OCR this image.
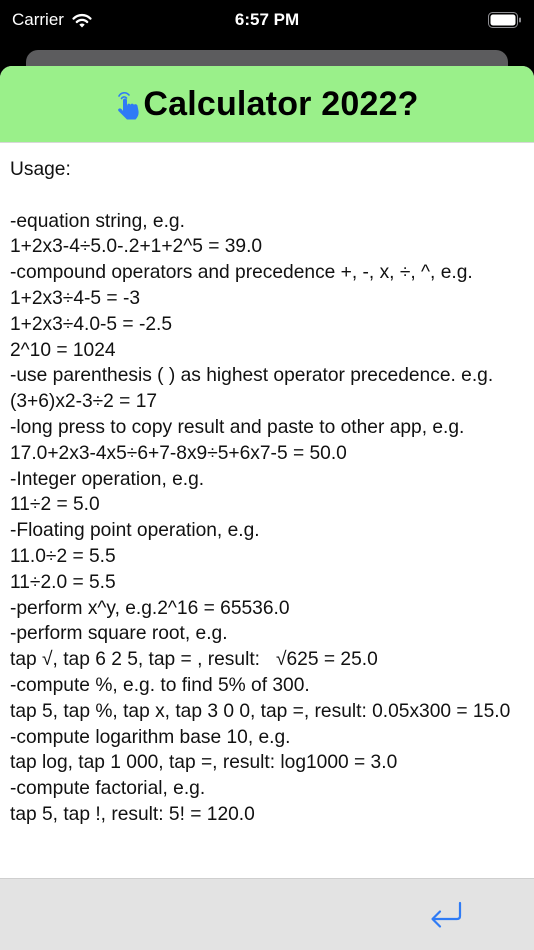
Carrier	6:57 PM
Calculator 2022?

Usage:

-equation string, e.g.
1+2x3-4÷5.0-.2+1+2^5 = 39.0
-compound operators and precedence +, -, x, ÷, ^, e.g.
1+2x3÷4-5 = -3
1+2x3÷4.0-5 = -2.5
2^10 = 1024
-use parenthesis ( ) as highest operator precedence. e.g.
(3+6)x2-3÷2 = 17
-long press to copy result and paste to other app, e.g.
17.0+2x3-4x5÷6+7-8x9÷5+6x7-5 = 50.0
-Integer operation, e.g.
11÷2 = 5.0
-Floating point operation, e.g.
11.0÷2 = 5.5
11÷2.0 = 5.5
-perform x^y, e.g.2^16 = 65536.0
-perform square root, e.g.
tap √, tap 6 2 5, tap = , result:   √625 = 25.0
-compute %, e.g. to find 5% of 300.
tap 5, tap %, tap x, tap 3 0 0, tap =, result: 0.05x300 = 15.0
-compute logarithm base 10, e.g.
tap log, tap 1 000, tap =, result: log1000 = 3.0
-compute factorial, e.g.
tap 5, tap !, result: 5! = 120.0
